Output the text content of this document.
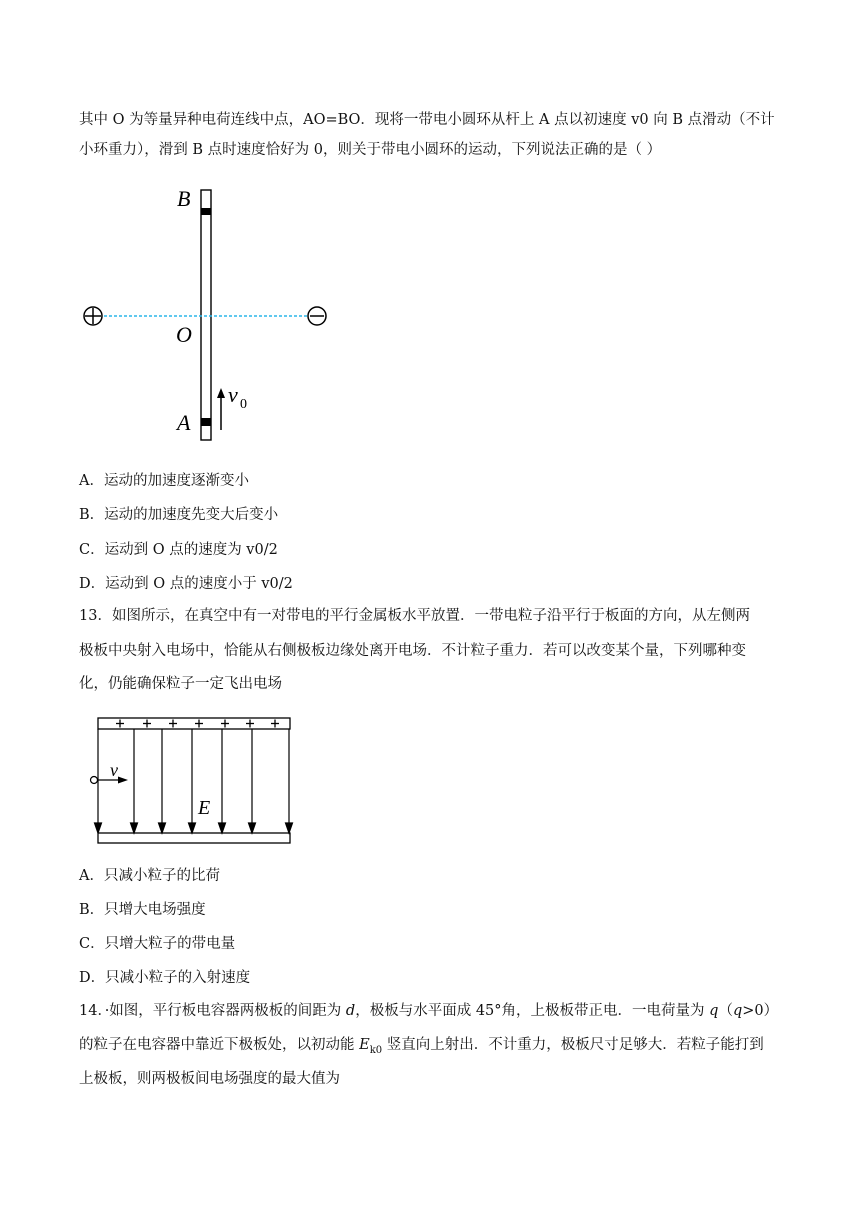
其中 O 为等量异种电荷连线中点，AO=BO．现将一带电小圆环从杆上 A 点以初速度 v0 向 B 点滑动（不计
小环重力），滑到 B 点时速度恰好为 0，则关于带电小圆环的运动，下列说法正确的是（ ）
B
O
A
v 0
A．运动的加速度逐渐变小
B．运动的加速度先变大后变小
C．运动到 O 点的速度为 v0/2
D．运动到 O 点的速度小于 v0/2
13．如图所示，在真空中有一对带电的平行金属板水平放置．一带电粒子沿平行于板面的方向，从左侧两
极板中央射入电场中，恰能从右侧极板边缘处离开电场．不计粒子重力．若可以改变某个量，下列哪种变
化，仍能确保粒子一定飞出电场
v
E
A．只减小粒子的比荷
B．只增大电场强度
C．只增大粒子的带电量
D．只减小粒子的入射速度
14．·如图，平行板电容器两极板的间距为 d，极板与水平面成 45°角，上极板带正电．一电荷量为 q（q>0）
的粒子在电容器中靠近下极板处，以初动能 $E_{k0}$ 竖直向上射出．不计重力，极板尺寸足够大．若粒子能打到
上极板，则两极板间电场强度的最大值为
